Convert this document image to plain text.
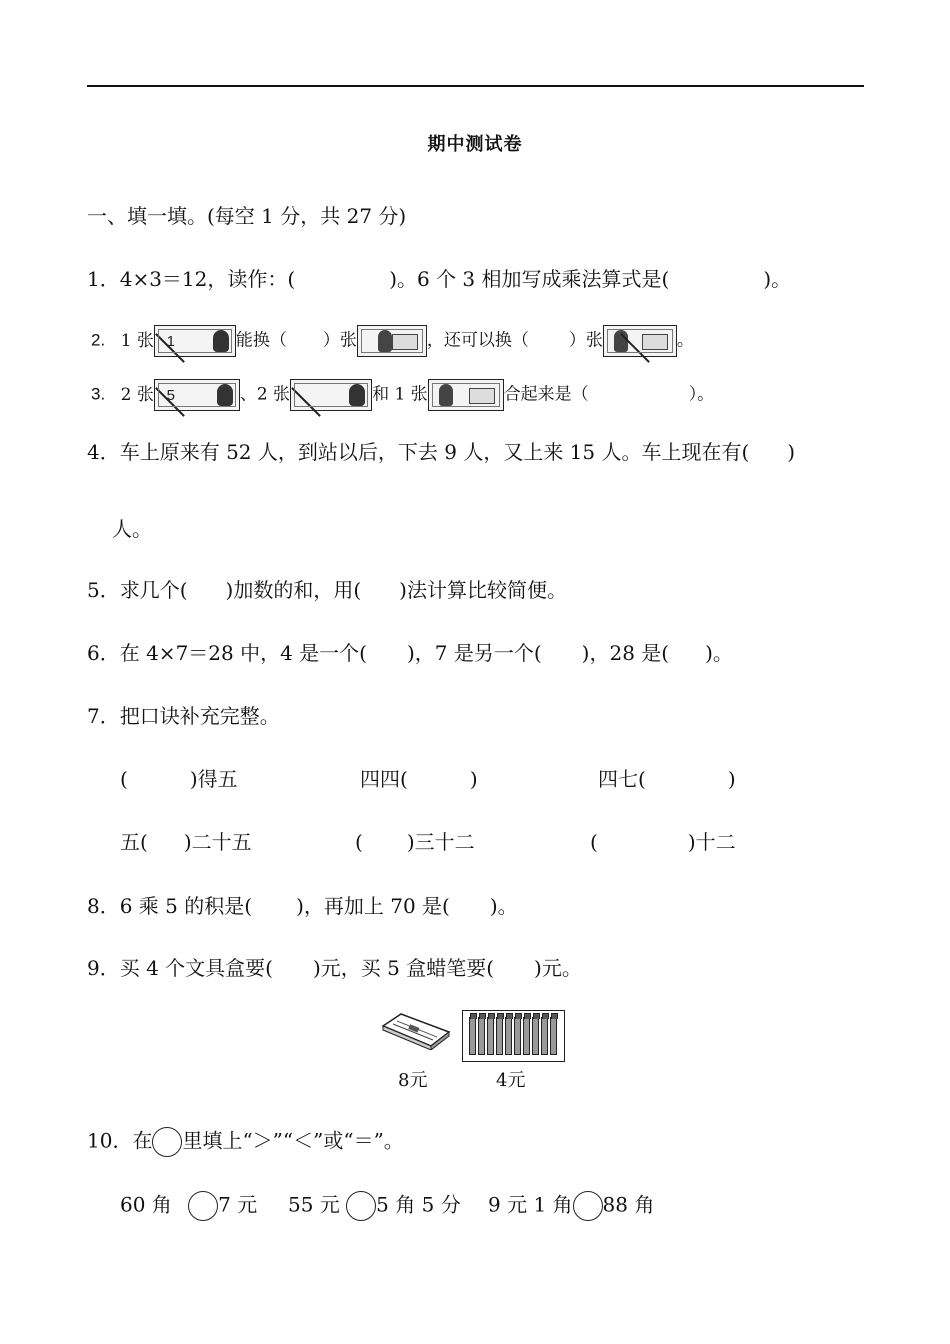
期中测试卷
一、填一填。(每空 1 分，共 27 分)
1．4×3＝12，读作：(	)。6 个 3 相加写成乘法算式是(	)。
2. 1 张 1	能换（ ）张	，还可以换（ ）张	。
3. 2 张 5	、2 张	和 1 张	合起来是（	）。
4．车上原来有 52 人，到站以后，下去 9 人，又上来 15 人。车上现在有( )
人。
5．求几个( )加数的和，用( )法计算比较简便。
6．在 4×7＝28 中，4 是一个( )，7 是另一个( )，28 是( )。
7．把口诀补充完整。
(	)得五	四四(	)	四七(	)
五( )二十五	( )三十二	(	)十二
8．6 乘 5 的积是( )，再加上 70 是( )。
9．买 4 个文具盒要( )元，买 5 盒蜡笔要( )元。
8元	4元
10．在 里填上“＞”“＜”或“＝”。
60 角 7 元 55 元 5 角 5 分 9 元 1 角 88 角
